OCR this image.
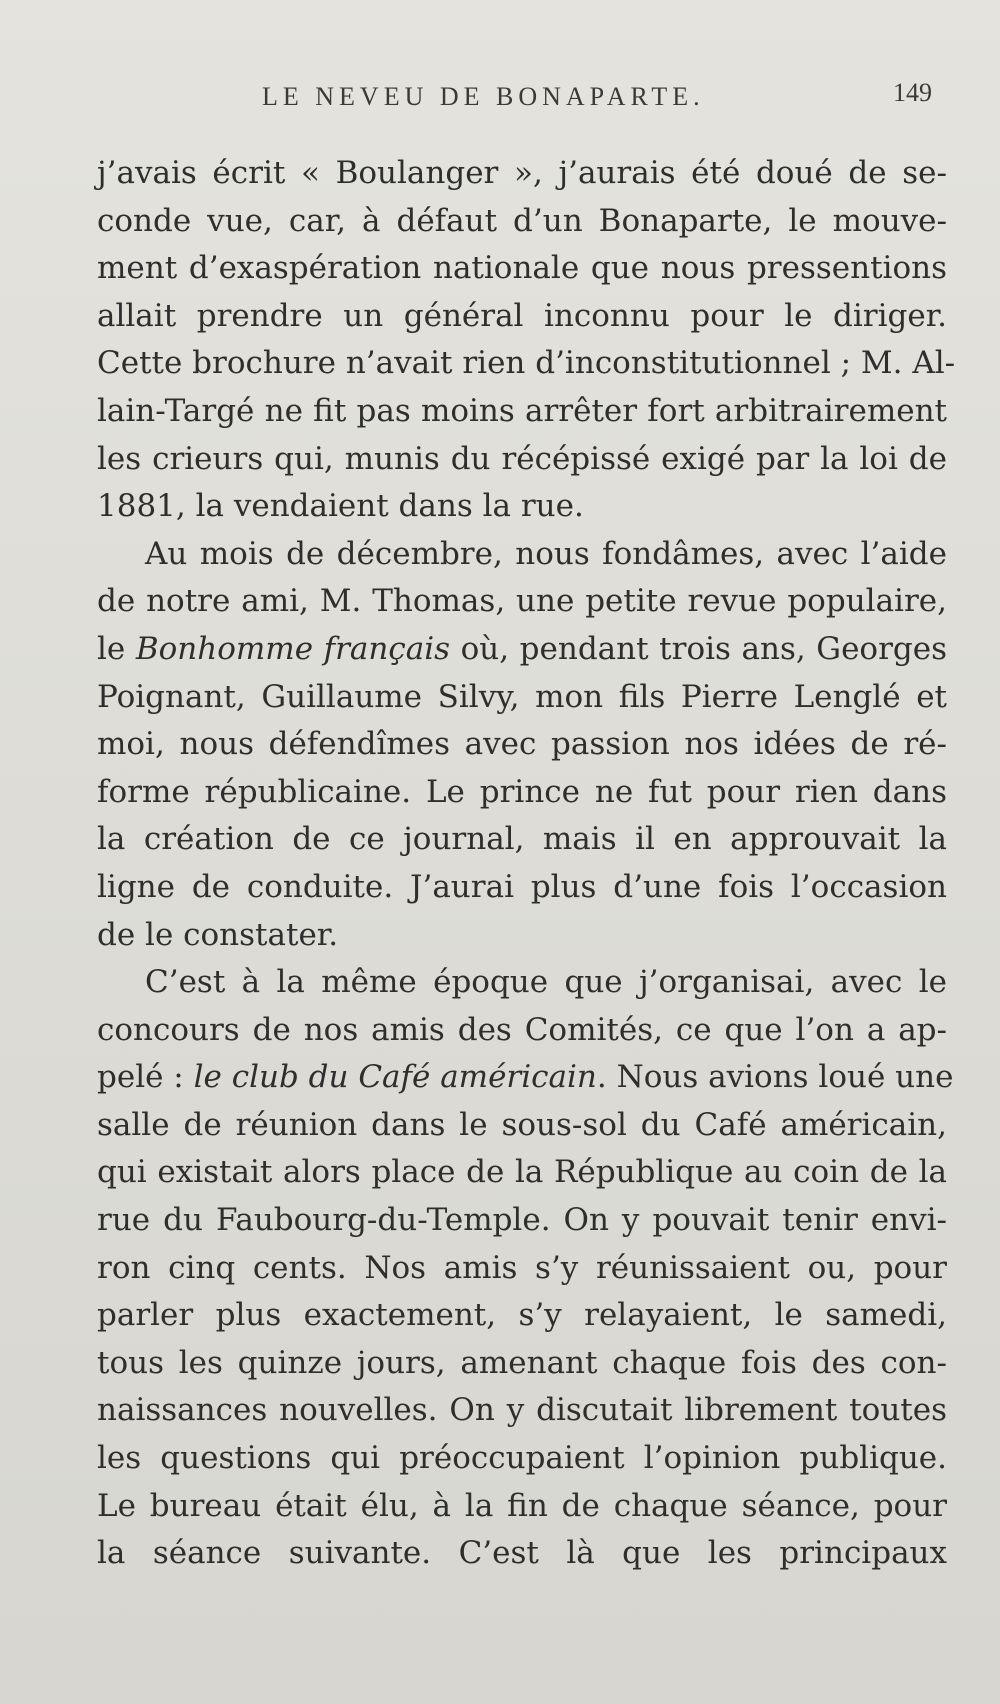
LE NEVEU DE BONAPARTE.	149
j’avais écrit « Boulanger », j’aurais été doué de se-
conde vue, car, à défaut d’un Bonaparte, le mouve-
ment d’exaspération nationale que nous pressentions
allait prendre un général inconnu pour le diriger.
Cette brochure n’avait rien d’inconstitutionnel ; M. Al-
lain-Targé ne fit pas moins arrêter fort arbitrairement
les crieurs qui, munis du récépissé exigé par la loi de
1881, la vendaient dans la rue.
Au mois de décembre, nous fondâmes, avec l’aide
de notre ami, M. Thomas, une petite revue populaire,
le Bonhomme français où, pendant trois ans, Georges
Poignant, Guillaume Silvy, mon fils Pierre Lenglé et
moi, nous défendîmes avec passion nos idées de ré-
forme républicaine. Le prince ne fut pour rien dans
la création de ce journal, mais il en approuvait la
ligne de conduite. J’aurai plus d’une fois l’occasion
de le constater.
C’est à la même époque que j’organisai, avec le
concours de nos amis des Comités, ce que l’on a ap-
pelé : le club du Café américain. Nous avions loué une
salle de réunion dans le sous-sol du Café américain,
qui existait alors place de la République au coin de la
rue du Faubourg-du-Temple. On y pouvait tenir envi-
ron cinq cents. Nos amis s’y réunissaient ou, pour
parler plus exactement, s’y relayaient, le samedi,
tous les quinze jours, amenant chaque fois des con-
naissances nouvelles. On y discutait librement toutes
les questions qui préoccupaient l’opinion publique.
Le bureau était élu, à la fin de chaque séance, pour
la séance suivante. C’est là que les principaux
